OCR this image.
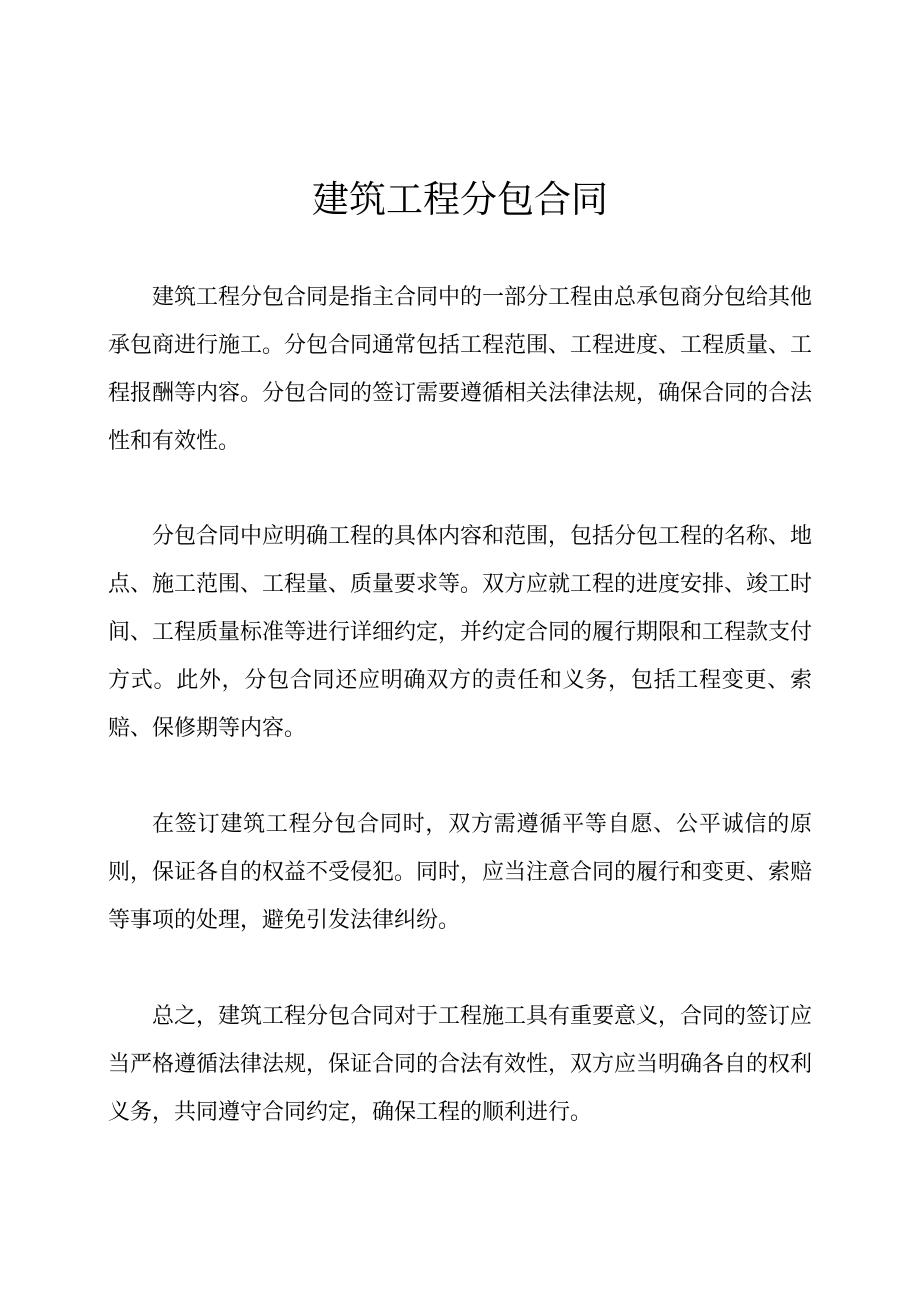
建筑工程分包合同

建筑工程分包合同是指主合同中的一部分工程由总承包商分包给其他承包商进行施工。分包合同通常包括工程范围、工程进度、工程质量、工程报酬等内容。分包合同的签订需要遵循相关法律法规，确保合同的合法性和有效性。

分包合同中应明确工程的具体内容和范围，包括分包工程的名称、地点、施工范围、工程量、质量要求等。双方应就工程的进度安排、竣工时间、工程质量标准等进行详细约定，并约定合同的履行期限和工程款支付方式。此外，分包合同还应明确双方的责任和义务，包括工程变更、索赔、保修期等内容。

在签订建筑工程分包合同时，双方需遵循平等自愿、公平诚信的原则，保证各自的权益不受侵犯。同时，应当注意合同的履行和变更、索赔等事项的处理，避免引发法律纠纷。

总之，建筑工程分包合同对于工程施工具有重要意义，合同的签订应当严格遵循法律法规，保证合同的合法有效性，双方应当明确各自的权利义务，共同遵守合同约定，确保工程的顺利进行。
